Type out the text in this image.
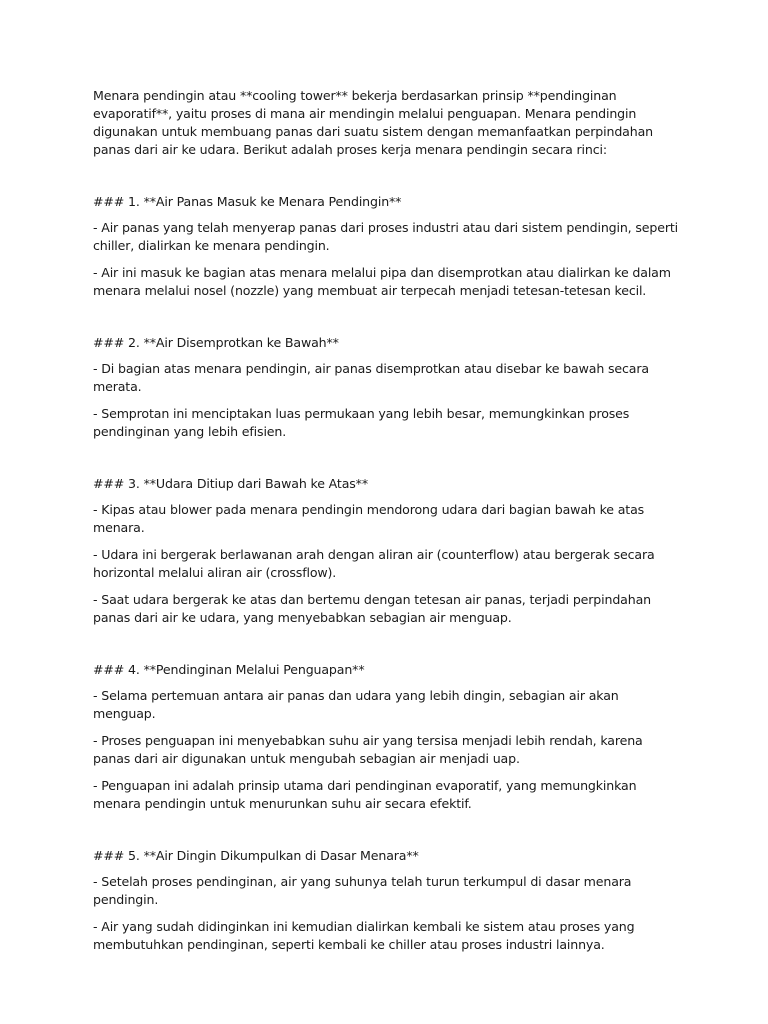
Menara pendingin atau **cooling tower** bekerja berdasarkan prinsip **pendinginan evaporatif**, yaitu proses di mana air mendingin melalui penguapan. Menara pendingin digunakan untuk membuang panas dari suatu sistem dengan memanfaatkan perpindahan panas dari air ke udara. Berikut adalah proses kerja menara pendingin secara rinci:

### 1. **Air Panas Masuk ke Menara Pendingin**

- Air panas yang telah menyerap panas dari proses industri atau dari sistem pendingin, seperti chiller, dialirkan ke menara pendingin.

- Air ini masuk ke bagian atas menara melalui pipa dan disemprotkan atau dialirkan ke dalam menara melalui nosel (nozzle) yang membuat air terpecah menjadi tetesan-tetesan kecil.

### 2. **Air Disemprotkan ke Bawah**

- Di bagian atas menara pendingin, air panas disemprotkan atau disebar ke bawah secara merata.

- Semprotan ini menciptakan luas permukaan yang lebih besar, memungkinkan proses pendinginan yang lebih efisien.

### 3. **Udara Ditiup dari Bawah ke Atas**

- Kipas atau blower pada menara pendingin mendorong udara dari bagian bawah ke atas menara.

- Udara ini bergerak berlawanan arah dengan aliran air (counterflow) atau bergerak secara horizontal melalui aliran air (crossflow).

- Saat udara bergerak ke atas dan bertemu dengan tetesan air panas, terjadi perpindahan panas dari air ke udara, yang menyebabkan sebagian air menguap.

### 4. **Pendinginan Melalui Penguapan**

- Selama pertemuan antara air panas dan udara yang lebih dingin, sebagian air akan menguap.

- Proses penguapan ini menyebabkan suhu air yang tersisa menjadi lebih rendah, karena panas dari air digunakan untuk mengubah sebagian air menjadi uap.

- Penguapan ini adalah prinsip utama dari pendinginan evaporatif, yang memungkinkan menara pendingin untuk menurunkan suhu air secara efektif.

### 5. **Air Dingin Dikumpulkan di Dasar Menara**

- Setelah proses pendinginan, air yang suhunya telah turun terkumpul di dasar menara pendingin.

- Air yang sudah didinginkan ini kemudian dialirkan kembali ke sistem atau proses yang membutuhkan pendinginan, seperti kembali ke chiller atau proses industri lainnya.
